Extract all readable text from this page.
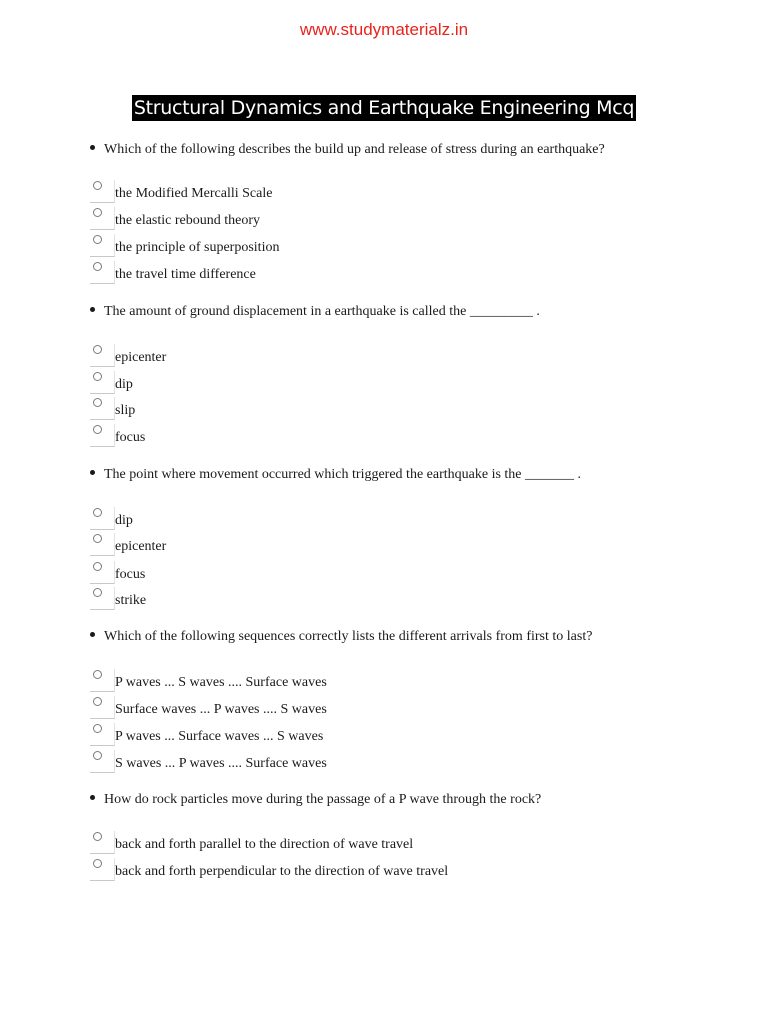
www.studymaterialz.in
Structural Dynamics and Earthquake Engineering Mcq
Which of the following describes the build up and release of stress during an earthquake?
the Modified Mercalli Scale
the elastic rebound theory
the principle of superposition
the travel time difference
The amount of ground displacement in a earthquake is called the _________ .
epicenter
dip
slip
focus
The point where movement occurred which triggered the earthquake is the _______ .
dip
epicenter
focus
strike
Which of the following sequences correctly lists the different arrivals from first to last?
P waves ... S waves .... Surface waves
Surface waves ... P waves .... S waves
P waves ... Surface waves ... S waves
S waves ... P waves .... Surface waves
How do rock particles move during the passage of a P wave through the rock?
back and forth parallel to the direction of wave travel
back and forth perpendicular to the direction of wave travel
